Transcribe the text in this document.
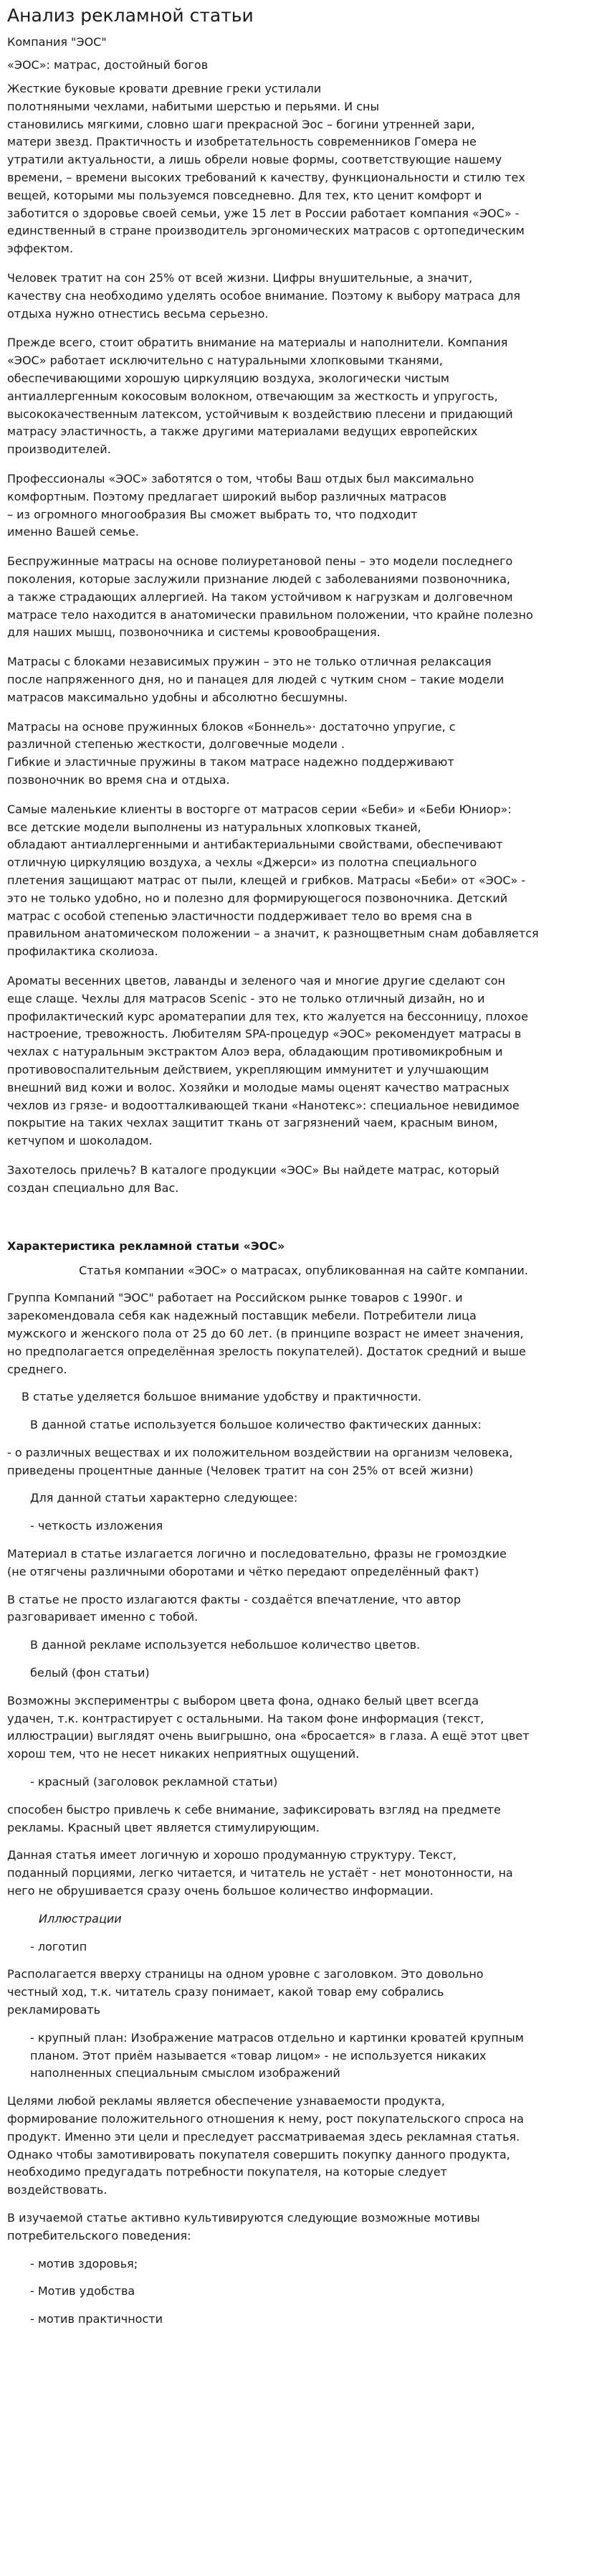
Анализ рекламной статьи

Компания "ЭОС"

«ЭОС»: матрас, достойный богов

Жесткие буковые кровати древние греки устилали
полотняными чехлами, набитыми шерстью и перьями. И сны
становились мягкими, словно шаги прекрасной Эос – богини утренней зари,
матери звезд. Практичность и изобретательность современников Гомера не
утратили актуальности, а лишь обрели новые формы, соответствующие нашему
времени, – времени высоких требований к качеству, функциональности и стилю тех
вещей, которыми мы пользуемся повседневно. Для тех, кто ценит комфорт и
заботится о здоровье своей семьи, уже 15 лет в России работает компания «ЭОС» -
единственный в стране производитель эргономических матрасов с ортопедическим
эффектом.

Человек тратит на сон 25% от всей жизни. Цифры внушительные, а значит,
качеству сна необходимо уделять особое внимание. Поэтому к выбору матраса для
отдыха нужно отнестись весьма серьезно.

Прежде всего, стоит обратить внимание на материалы и наполнители. Компания
«ЭОС» работает исключительно с натуральными хлопковыми тканями,
обеспечивающими хорошую циркуляцию воздуха, экологически чистым
антиаллергенным кокосовым волокном, отвечающим за жесткость и упругость,
высококачественным латексом, устойчивым к воздействию плесени и придающий
матрасу эластичность, а также другими материалами ведущих европейских
производителей.

Профессионалы «ЭОС» заботятся о том, чтобы Ваш отдых был максимально
комфортным. Поэтому предлагает широкий выбор различных матрасов
– из огромного многообразия Вы сможет выбрать то, что подходит
именно Вашей семье.

Беспружинные матрасы на основе полиуретановой пены – это модели последнего
поколения, которые заслужили признание людей с заболеваниями позвоночника,
а также страдающих аллергией. На таком устойчивом к нагрузкам и долговечном
матрасе тело находится в анатомически правильном положении, что крайне полезно
для наших мышц, позвоночника и системы кровообращения.

Матрасы с блоками независимых пружин – это не только отличная релаксация
после напряженного дня, но и панацея для людей с чутким сном – такие модели
матрасов максимально удобны и абсолютно бесшумны.

Матрасы на основе пружинных блоков «Боннель»· достаточно упругие, с
различной степенью жесткости, долговечные модели .
Гибкие и эластичные пружины в таком матрасе надежно поддерживают
позвоночник во время сна и отдыха.

Самые маленькие клиенты в восторге от матрасов серии «Беби» и «Беби Юниор»:
все детские модели выполнены из натуральных хлопковых тканей,
обладают антиаллергенными и антибактериальными свойствами, обеспечивают
отличную циркуляцию воздуха, а чехлы «Джерси» из полотна специального
плетения защищают матрас от пыли, клещей и грибков. Матрасы «Беби» от «ЭОС» -
это не только удобно, но и полезно для формирующегося позвоночника. Детский
матрас с особой степенью эластичности поддерживает тело во время сна в
правильном анатомическом положении – а значит, к разнощветным снам добавляется
профилактика сколиоза.

Ароматы весенних цветов, лаванды и зеленого чая и многие другие сделают сон
еще слаще. Чехлы для матрасов Scenic - это не только отличный дизайн, но и
профилактический курс ароматерапии для тех, кто жалуется на бессонницу, плохое
настроение, тревожность. Любителям SPA-процедур «ЭОС» рекомендует матрасы в
чехлах с натуральным экстрактом Алоэ вера, обладающим противомикробным и
противовоспалительным действием, укрепляющим иммунитет и улучшающим
внешний вид кожи и волос. Хозяйки и молодые мамы оценят качество матрасных
чехлов из грязе- и водоотталкивающей ткани «Нанотекс»: специальное невидимое
покрытие на таких чехлах защитит ткань от загрязнений чаем, красным вином,
кетчупом и шоколадом.

Захотелось прилечь? В каталоге продукции «ЭОС» Вы найдете матрас, который
создан специально для Вас.

Характеристика рекламной статьи «ЭОС»

Статья компании «ЭОС» о матрасах, опубликованная на сайте компании.

Группа Компаний "ЭОС" работает на Российском рынке товаров с 1990г. и
зарекомендовала себя как надежный поставщик мебели. Потребители лица
мужского и женского пола от 25 до 60 лет. (в принципе возраст не имеет значения,
но предполагается определённая зрелость покупателей). Достаток средний и выше
среднего.

В статье уделяется большое внимание удобству и практичности.

В данной статье используется большое количество фактических данных:

- о различных веществах и их положительном воздействии на организм человека,
приведены процентные данные (Человек тратит на сон 25% от всей жизни)

Для данной статьи характерно следующее:

- четкость изложения

Материал в статье излагается логично и последовательно, фразы не громоздкие
(не отягчены различными оборотами и чётко передают определённый факт)

В статье не просто излагаются факты - создаётся впечатление, что автор
разговаривает именно с тобой.

В данной рекламе используется небольшое количество цветов.

белый (фон статьи)

Возможны экспериментры с выбором цвета фона, однако белый цвет всегда
удачен, т.к. контрастирует с остальными. На таком фоне информация (текст,
иллюстрации) выглядят очень выигрышно, она «бросается» в глаза. А ещё этот цвет
хорош тем, что не несет никаких неприятных ощущений.

- красный (заголовок рекламной статьи)

способен быстро привлечь к себе внимание, зафиксировать взгляд на предмете
рекламы. Красный цвет является стимулирующим.

Данная статья имеет логичную и хорошо продуманную структуру. Текст,
поданный порциями, легко читается, и читатель не устаёт - нет монотонности, на
него не обрушивается сразу очень большое количество информации.

Иллюстрации

- логотип

Располагается вверху страницы на одном уровне с заголовком. Это довольно
честный ход, т.к. читатель сразу понимает, какой товар ему собрались
рекламировать

- крупный план: Изображение матрасов отдельно и картинки кроватей крупным
планом. Этот приём называется «товар лицом» - не используется никаких
наполненных специальным смыслом изображений

Целями любой рекламы является обеспечение узнаваемости продукта,
формирование положительного отношения к нему, рост покупательского спроса на
продукт. Именно эти цели и преследует рассматриваемая здесь рекламная статья.
Однако чтобы замотивировать покупателя совершить покупку данного продукта,
необходимо предугадать потребности покупателя, на которые следует
воздействовать.

В изучаемой статье активно культивируются следующие возможные мотивы
потребительского поведения:

- мотив здоровья;

- Мотив удобства

- мотив практичности
